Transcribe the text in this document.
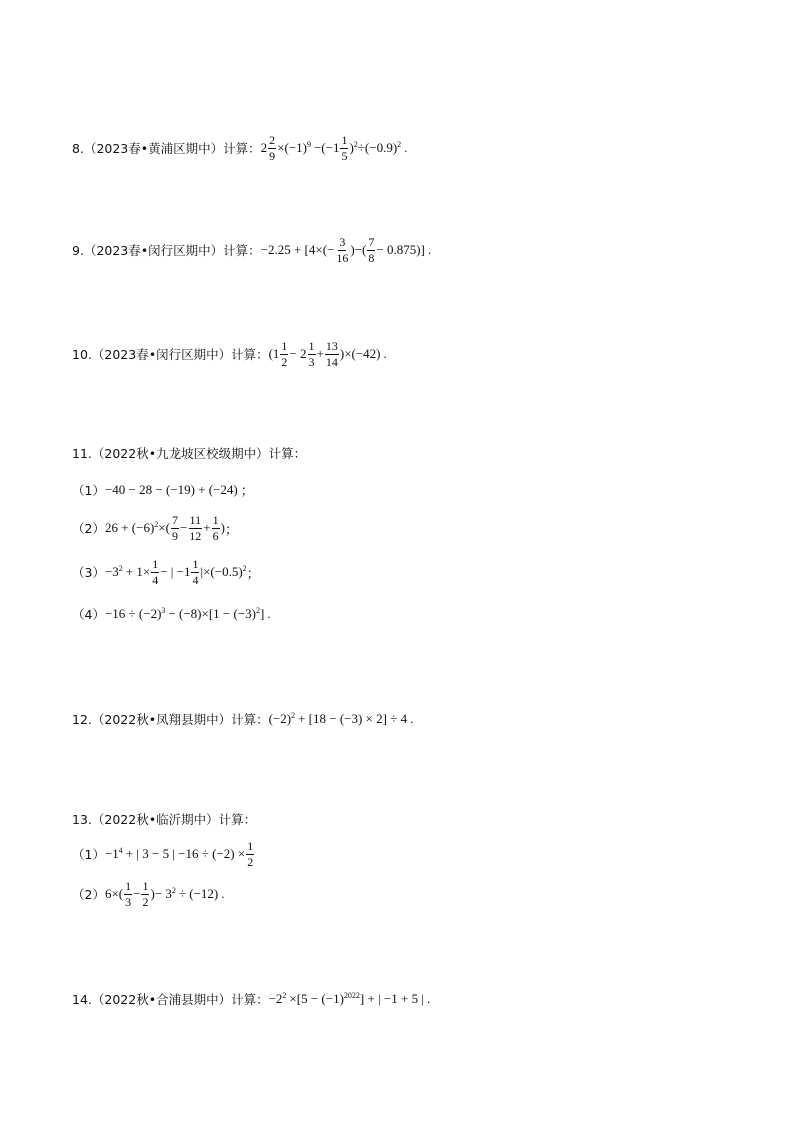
8. （2023春•黄浦区期中）计算： $2 \frac{2}{9} \times(-1)^9 -(-1$
1
5
)$^2 \div(-0.9)^2$ .
9. （2023春•闵行区期中）计算： $-2.25 + [4\times(- \frac{3}{16}$ )−(
7
8
− 0.875)] .
10. （2023春•闵行区期中）计算： (1
1
2
− 2
1
3
+ $\frac{13}{14} )\times(-42)$ .
11. （2022秋•九龙坡区校级期中）计算：
（1） −40 − 28 − (−19) + (−24) ；
（2） $26 + (-6)^2$ ×(
7
9
− $\frac{11}{12} + \frac{1}{6}$ ) ；
$(3) -3^2 + 1\times \frac{1}{4}$ − | −1
1
4
$|\times(-0.5)^2$ ；
$(4) -16 \div (-2)^3 - (-8)\times[1 - (-3)^2$ ] .
12. （2022秋•凤翔县期中）计算： $(-2)^2 + [18 - (-3) \times 2] \div 4$ .
13. （2022秋•临沂期中）计算：
$(1) -1^4$ + | 3 − 5 | $-16 \div (-2) \times \frac{1}{2}$
（2） 6×(
1
3
− $\frac{1}{2}$ )− $3^2 \div (-12)$ .
14. （2022秋•合浦县期中）计算： $-2^2 \times[5 - (-1)^{2022}$ ] + | −1 + 5 | .
